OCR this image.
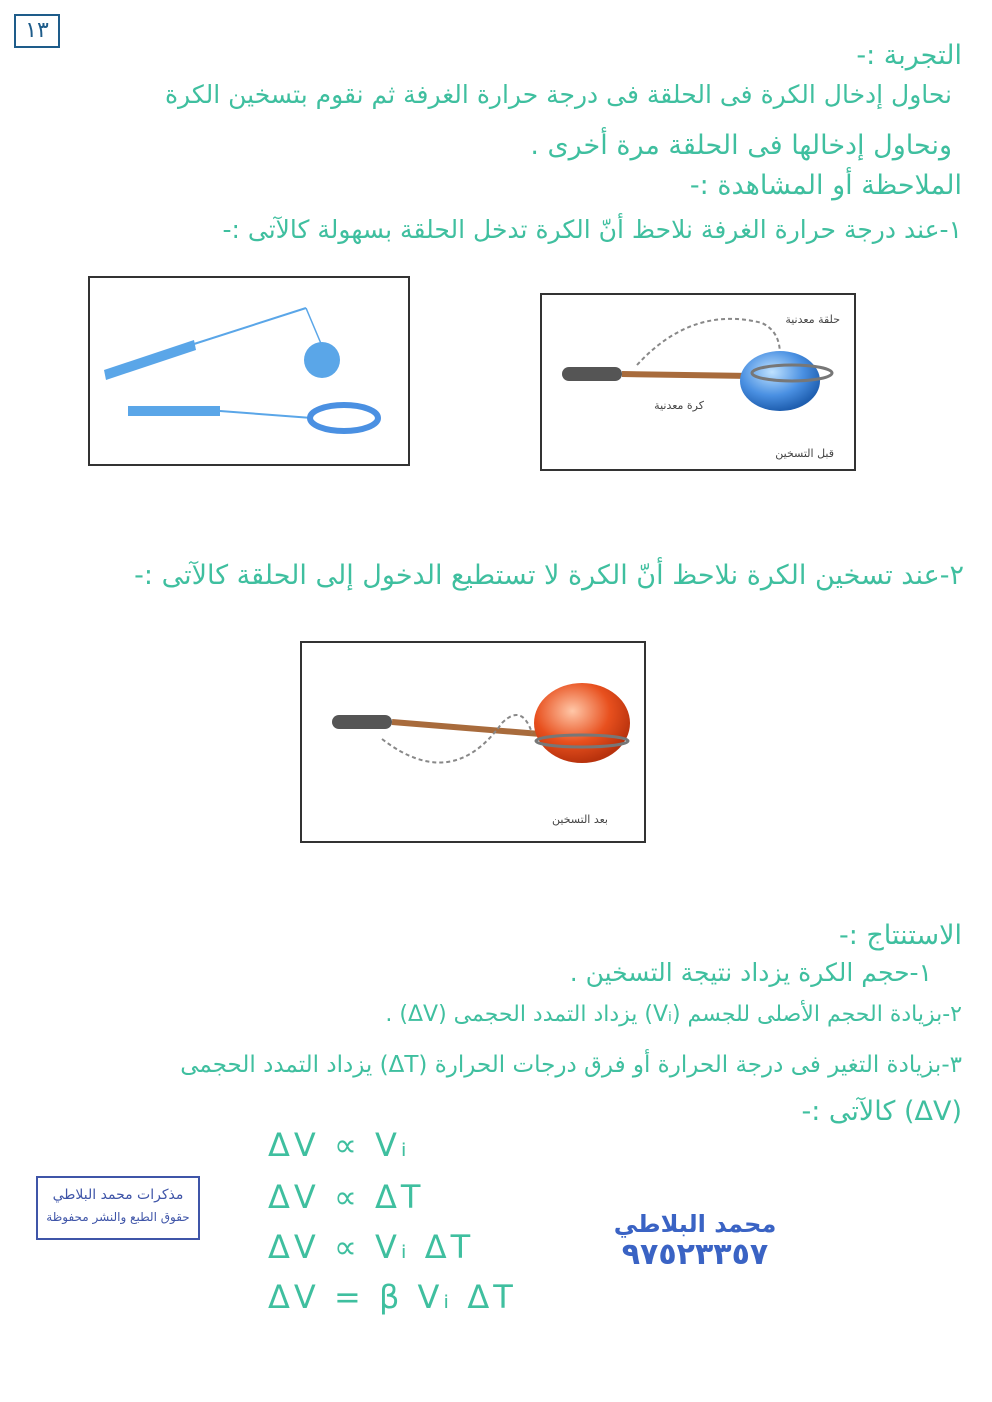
١٣
التجربة :-
نحاول إدخال الكرة فى الحلقة فى درجة حرارة الغرفة ثم نقوم بتسخين الكرة
ونحاول إدخالها فى الحلقة مرة أخرى .
الملاحظة أو المشاهدة :-
١-عند درجة حرارة الغرفة نلاحظ أنّ الكرة تدخل الحلقة بسهولة كالآتى :-
حلقة معدنية
كرة معدنية
قبل التسخين
٢-عند تسخين الكرة نلاحظ أنّ الكرة لا تستطيع الدخول إلى الحلقة كالآتى :-
بعد التسخين
الاستنتاج :-
١-حجم الكرة يزداد نتيجة التسخين .
٢-بزيادة الحجم الأصلى للجسم (Vᵢ) يزداد التمدد الحجمى (ΔV) .
٣-بزيادة التغير فى درجة الحرارة أو فرق درجات الحرارة (ΔT) يزداد التمدد الحجمى
(ΔV) كالآتى :-
ΔV ∝ Vᵢ
ΔV ∝ ΔT
ΔV ∝ Vᵢ ΔT
ΔV = β Vᵢ ΔT
مذكرات محمد البلاطي
حقوق الطبع والنشر محفوظة	محمد البلاطي
٩٧٥٢٣٣٥٧
